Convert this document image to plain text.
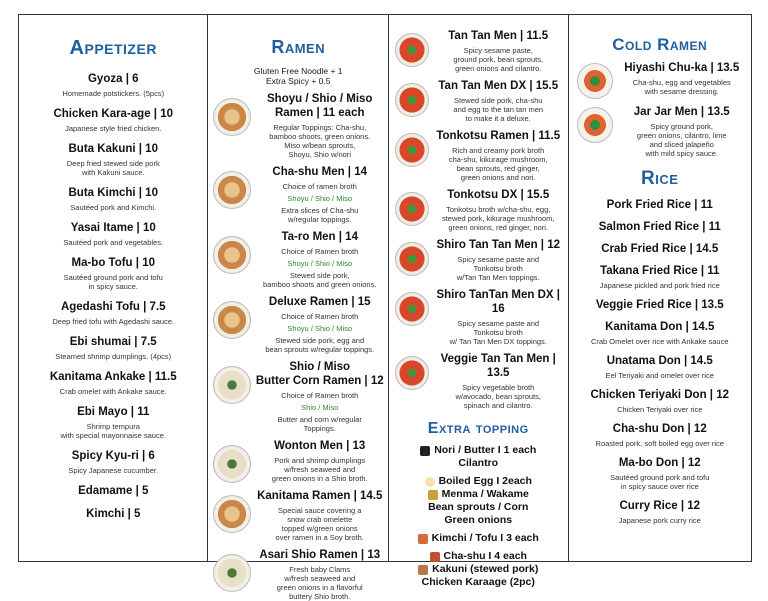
Appetizer
Gyoza | 6
Homemade potstickers. (5pcs)
Chicken Kara-age | 10
Japanese style fried chicken.
Buta Kakuni | 10
Deep fried stewed side pork
with Kakuni sauce.
Buta Kimchi | 10
Sautéed pork and Kimchi.
Yasai Itame | 10
Sautéed pork and vegetables.
Ma-bo Tofu | 10
Sautéed ground pork and tofu
in spicy sauce.
Agedashi Tofu | 7.5
Deep fried tofu with Agedashi sauce.
Ebi shumai | 7.5
Steamed shrimp dumplings. (4pcs)
Kanitama Ankake | 11.5
Crab omelet with Ankake sauce.
Ebi Mayo | 11
Shrimp tempura
with special mayonnaise sauce.
Spicy Kyu-ri | 6
Spicy Japanese cucumber.
Edamame | 5
Kimchi | 5
Ramen
Gluten Free Noodle + 1
Extra Spicy + 0.5
Shoyu / Shio / Miso
Ramen | 11 each
Regular Toppings: Cha-shu,
bamboo shoots, green onions.
Miso w/bean sprouts,
Shoyu, Shio w/nori
Cha-shu Men | 14
Choice of ramen broth
Shoyu / Shio / Miso
Extra slices of Cha-shu
w/regular toppings.
Ta-ro Men | 14
Choice of Ramen broth
Shoyu / Shio / Miso
Stewed side pork,
bamboo shoots and green onions.
Deluxe Ramen | 15
Choice of Ramen broth
Shoyu / Shio / Miso
Stewed side pork, egg and
bean sprouts w/regular toppings.
Shio / Miso
Butter Corn Ramen | 12
Choice of Ramen broth
Shio / Miso
Butter and corn w/regular
Toppings.
Wonton Men | 13
Pork and shrimp dumplings
w/fresh seaweed and
green onions in a Shio broth.
Kanitama Ramen | 14.5
Special sauce covering a
snow crab omelette
topped w/green onions
over ramen in a Soy broth.
Asari Shio Ramen | 13
Fresh baby Clams
w/fresh seaweed and
green onions in a flavorful
buttery Shio broth.
Tan Tan Men | 11.5
Spicy sesame paste,
ground pork, bean sprouts,
green onions and cilantro.
Tan Tan Men DX | 15.5
Stewed side pork, cha-shu
and egg to the tan tan men
to make it a deluxe.
Tonkotsu Ramen | 11.5
Rich and creamy pork broth
cha-shu, kikurage mushroom,
bean sprouts, red ginger,
green onions and nori.
Tonkotsu DX | 15.5
Tonkotsu broth w/cha-shu, egg,
stewed pork, kikurage mushroom,
green onions, red ginger, nori.
Shiro Tan Tan Men | 12
Spicy sesame paste and
Tonkotsu broth
w/Tan Tan Men toppings.
Shiro TanTan Men DX | 16
Spicy sesame paste and
Tonkotsu broth
w/ Tan Tan Men DX toppings.
Veggie Tan Tan Men | 13.5
Spicy vegetable broth
w/avocado, bean sprouts,
spinach and cilantro.
Extra topping
Nori / Butter I 1 each
Cilantro
Boiled Egg I 2each
Menma / Wakame
Bean sprouts / Corn
Green onions
Kimchi / Tofu I 3 each
Cha-shu I 4 each
Kakuni (stewed pork)
Chicken Karaage (2pc)
Cold Ramen
Hiyashi Chu-ka | 13.5
Cha-shu, egg and vegetables
with sesame dressing.
Jar Jar Men | 13.5
Spicy ground pork,
green onions, cilantro, lime
and sliced jalapeño
with mild spicy sauce.
Rice
Pork Fried Rice | 11
Salmon Fried Rice | 11
Crab Fried Rice | 14.5
Takana Fried Rice | 11
Japanese pickled and pork fried rice
Veggie Fried Rice | 13.5
Kanitama Don | 14.5
Crab Omelet over rice with Ankake sauce
Unatama Don | 14.5
Eel Teriyaki and omelet over rice
Chicken Teriyaki Don | 12
Chicken Teriyaki over rice
Cha-shu Don | 12
Roasted pork, soft boiled egg over rice
Ma-bo Don | 12
Sautéed ground pork and tofu
in spicy sauce over rice
Curry Rice | 12
Japanese pork curry rice
